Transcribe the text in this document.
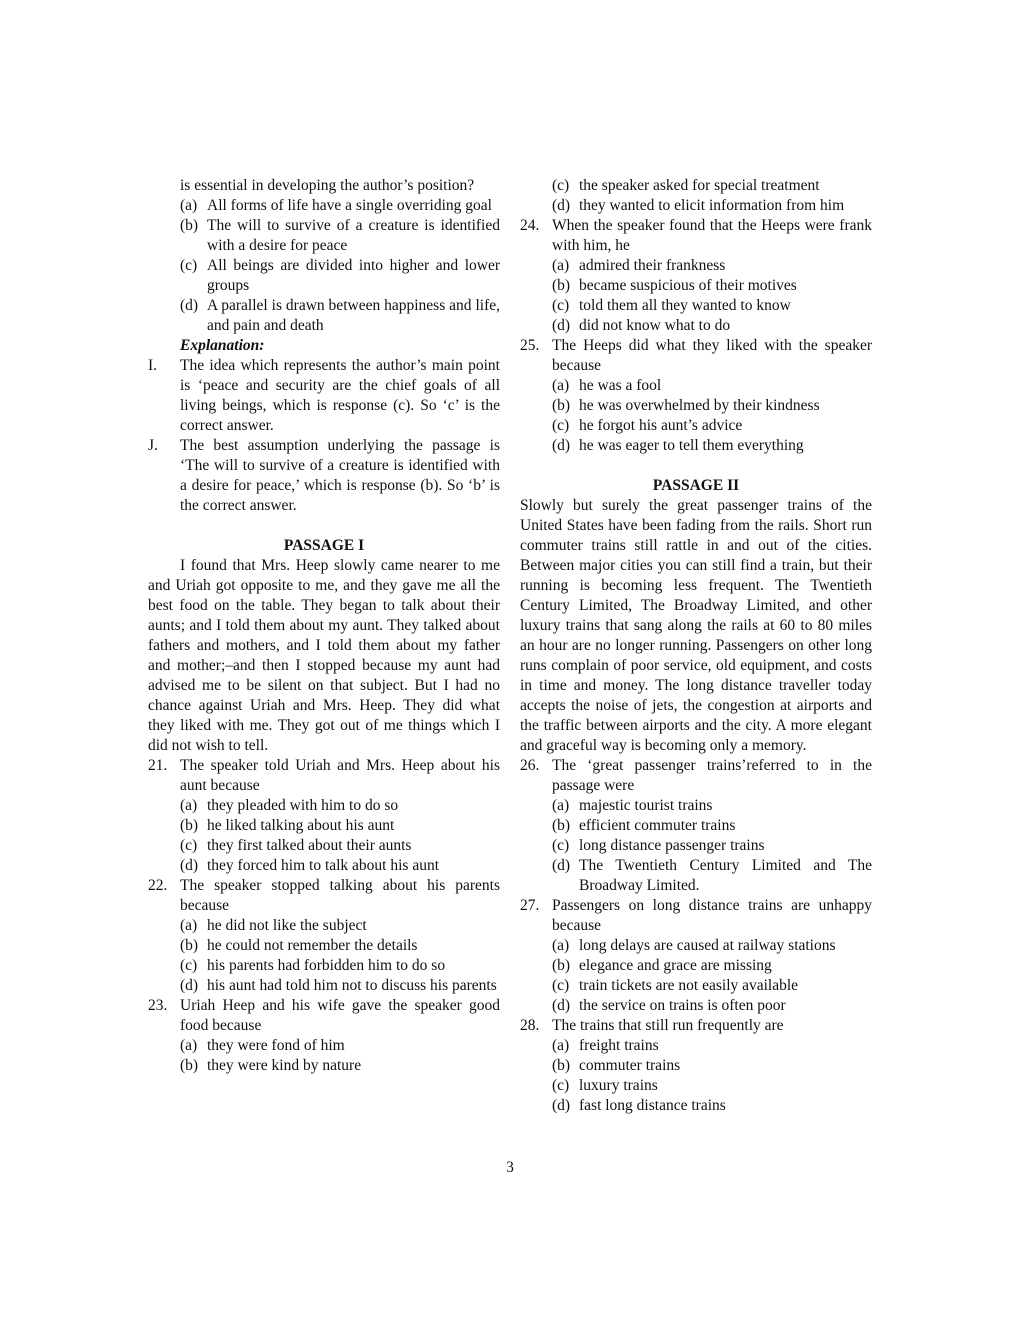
is essential in developing the author’s position?
(a) All forms of life have a single overriding goal
(b) The will to survive of a creature is identified with a desire for peace
(c) All beings are divided into higher and lower groups
(d) A parallel is drawn between happiness and life, and pain and death
Explanation:
I.	The idea which represents the author’s main point is ‘peace and security are the chief goals of all living beings, which is response (c). So ‘c’ is the correct answer.
J.	The best assumption underlying the passage is ‘The will to survive of a creature is identified with a desire for peace,’ which is response (b). So ‘b’ is the correct answer.
PASSAGE I
I found that Mrs. Heep slowly came nearer to me and Uriah got opposite to me, and they gave me all the best food on the table. They began to talk about their aunts; and I told them about my aunt. They talked about fathers and mothers, and I told them about my father and mother;–and then I stopped because my aunt had advised me to be silent on that subject. But I had no chance against Uriah and Mrs. Heep. They did what they liked with me. They got out of me things which I did not wish to tell.
21. The speaker told Uriah and Mrs. Heep about his aunt because
(a) they pleaded with him to do so
(b) he liked talking about his aunt
(c) they first talked about their aunts
(d) they forced him to talk about his aunt
22. The speaker stopped talking about his parents because
(a) he did not like the subject
(b) he could not remember the details
(c) his parents had forbidden him to do so
(d) his aunt had told him not to discuss his parents
23. Uriah Heep and his wife gave the speaker good food because
(a) they were fond of him
(b) they were kind by nature
(c) the speaker asked for special treatment
(d) they wanted to elicit information from him
24. When the speaker found that the Heeps were frank with him, he
(a) admired their frankness
(b) became suspicious of their motives
(c) told them all they wanted to know
(d) did not know what to do
25. The Heeps did what they liked with the speaker because
(a) he was a fool
(b) he was overwhelmed by their kindness
(c) he forgot his aunt’s advice
(d) he was eager to tell them everything
PASSAGE II
Slowly but surely the great passenger trains of the United States have been fading from the rails. Short run commuter trains still rattle in and out of the cities. Between major cities you can still find a train, but their running is becoming less frequent. The Twentieth Century Limited, The Broadway Limited, and other luxury trains that sang along the rails at 60 to 80 miles an hour are no longer running. Passengers on other long runs complain of poor service, old equipment, and costs in time and money. The long distance traveller today accepts the noise of jets, the congestion at airports and the traffic between airports and the city. A more elegant and graceful way is becoming only a memory.
26. The ‘great passenger trains’referred to in the passage were
(a) majestic tourist trains
(b) efficient commuter trains
(c) long distance passenger trains
(d) The Twentieth Century Limited and The Broadway Limited.
27. Passengers on long distance trains are unhappy because
(a) long delays are caused at railway stations
(b) elegance and grace are missing
(c) train tickets are not easily available
(d) the service on trains is often poor
28. The trains that still run frequently are
(a) freight trains
(b) commuter trains
(c) luxury trains
(d) fast long distance trains
3
